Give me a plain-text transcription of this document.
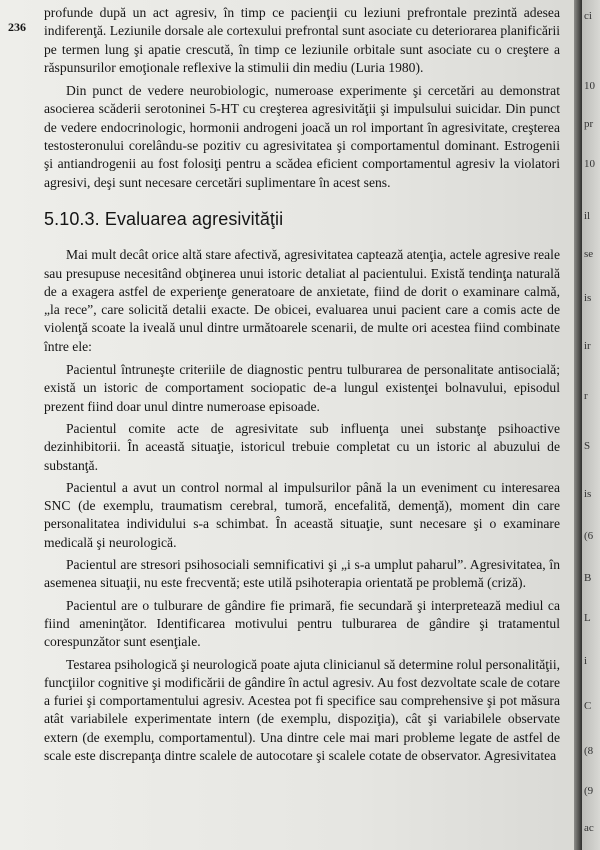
236

profunde după un act agresiv, în timp ce pacienţii cu leziuni prefrontale prezintă adesea indiferenţă. Leziunile dorsale ale cortexului prefrontal sunt asociate cu deteriorarea planificării pe termen lung şi apatie crescută, în timp ce leziunile orbitale sunt asociate cu o creştere a răspunsurilor emoţionale reflexive la stimulii din mediu (Luria 1980).

Din punct de vedere neurobiologic, numeroase experimente şi cercetări au demonstrat asocierea scăderii serotoninei 5-HT cu creşterea agresivităţii şi impulsului suicidar. Din punct de vedere endocrinologic, hormonii androgeni joacă un rol important în agresivitate, creşterea testosteronului corelându-se pozitiv cu agresivitatea şi comportamentul dominant. Estrogenii şi antiandrogenii au fost folosiţi pentru a scădea eficient comportamentul agresiv la violatori agresivi, deşi sunt necesare cercetări suplimentare în acest sens.

5.10.3. Evaluarea agresivităţii

Mai mult decât orice altă stare afectivă, agresivitatea captează atenţia, actele agresive reale sau presupuse necesitând obţinerea unui istoric detaliat al pacientului. Există tendinţa naturală de a exagera astfel de experienţe generatoare de anxietate, fiind de dorit o examinare calmă, „la rece”, care solicită detalii exacte. De obicei, evaluarea unui pacient care a comis acte de violenţă scoate la iveală unul dintre următoarele scenarii, de multe ori acestea fiind combinate între ele:

Pacientul întruneşte criteriile de diagnostic pentru tulburarea de personalitate antisocială; există un istoric de comportament sociopatic de-a lungul existenţei bolnavului, episodul prezent fiind doar unul dintre numeroase episoade.

Pacientul comite acte de agresivitate sub influenţa unei substanţe psihoactive dezinhibitorii. În această situaţie, istoricul trebuie completat cu un istoric al abuzului de substanţă.

Pacientul a avut un control normal al impulsurilor până la un eveniment cu interesarea SNC (de exemplu, traumatism cerebral, tumoră, encefalită, demenţă), moment din care personalitatea individului s-a schimbat. În această situaţie, sunt necesare şi o examinare medicală şi neurologică.

Pacientul are stresori psihosociali semnificativi şi „i s-a umplut paharul”. Agresivitatea, în asemenea situaţii, nu este frecventă; este utilă psihoterapia orientată pe problemă (criză).

Pacientul are o tulburare de gândire fie primară, fie secundară şi interpretează mediul ca fiind ameninţător. Identificarea motivului pentru tulburarea de gândire şi tratamentul corespunzător sunt esenţiale.

Testarea psihologică şi neurologică poate ajuta clinicianul să determine rolul personalităţii, funcţiilor cognitive şi modificării de gândire în actul agresiv. Au fost dezvoltate scale de cotare a furiei şi comportamentului agresiv. Acestea pot fi specifice sau comprehensive şi pot măsura atât variabilele experimentate intern (de exemplu, dispoziţia), cât şi variabilele observate extern (de exemplu, comportamentul). Una dintre cele mai mari probleme legate de astfel de scale este discrepanţa dintre scalele de autocotare şi scalele cotate de observator. Agresivitatea

ci
10
pr
10
il
se
is
ir
r
S
is
(6
B
L
i
C
(8
(9
ac
